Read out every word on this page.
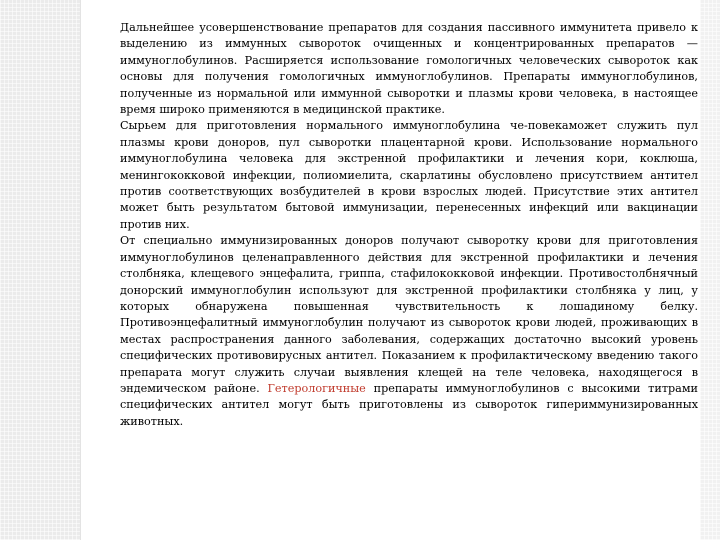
Дальнейшее усовершенствование препаратов для создания пассивного иммунитета привело к выделению из иммунных сывороток очищенных и концентрированных препаратов — иммуноглобулинов. Расширяется использование гомологичных человеческих сывороток как основы для получения гомологичных иммуноглобулинов. Препараты иммуноглобулинов, полученные из нормальной или иммунной сыворотки и плазмы крови человека, в настоящее время широко применяются в медицинской практике.

Сырьем для приготовления нормального иммуноглобулина че-повекаможет служить пул плазмы крови доноров, пул сыворотки плацентарной крови. Использование нормального иммуноглобулина человека для экстренной профилактики и лечения кори, коклюша, менингококковой инфекции, полиомиелита, скарлатины обусловлено присутствием антител против соответствующих возбудителей в крови взрослых людей. Присутствие этих антител может быть результатом бытовой иммунизации, перенесенных инфекций или вакцинации против них.

От специально иммунизированных доноров получают сыворотку крови для приготовления иммуноглобулинов целенаправленного действия для экстренной профилактики и лечения столбняка, клещевого энцефалита, гриппа, стафилококковой инфекции. Противостолбнячный донорский иммуноглобулин используют для экстренной профилактики столбняка у лиц, у которых обнаружена повышенная чувствительность к лошадиному белку. Противоэнцефалитный иммуноглобулин получают из сывороток крови людей, проживающих в местах распространения данного заболевания, содержащих достаточно высокий уровень специфических противовирусных антител. Показанием к профилактическому введению такого препарата могут служить случаи выявления клещей на теле человека, находящегося в эндемическом районе. Гетерологичные препараты иммуноглобулинов с высокими титрами специфических антител могут быть приготовлены из сывороток гипериммунизированных животных.
